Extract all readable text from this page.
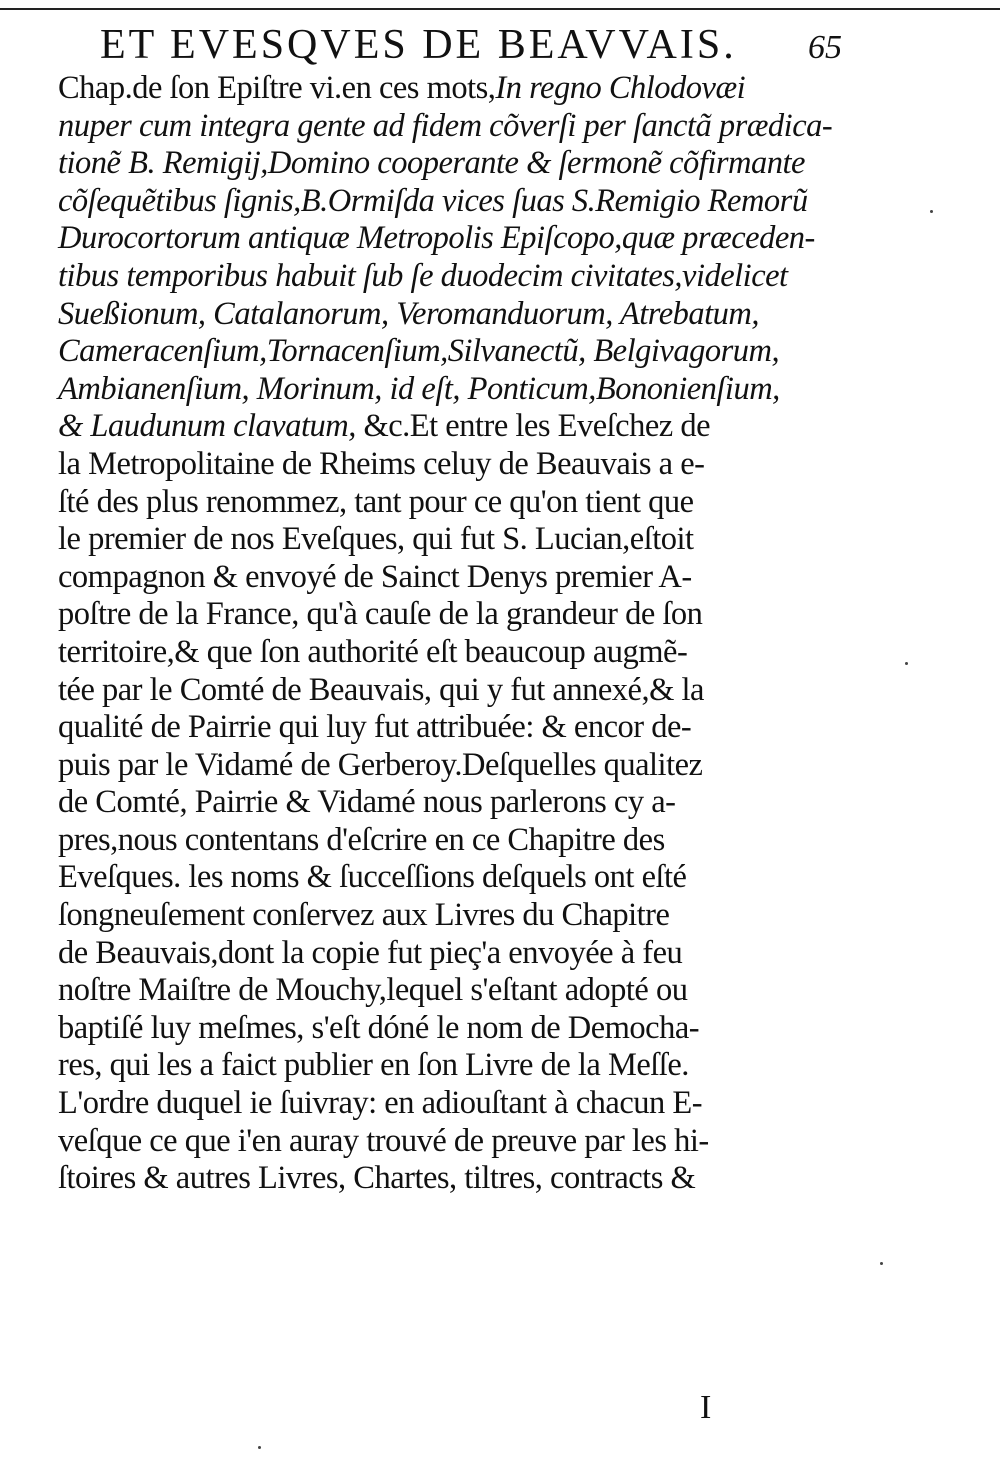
ET EVESQVES DE BEAVVAIS.	65
Chap.de ſon Epiſtre vi.en ces mots,In regno Chlodovæi
nuper cum integra gente ad fidem cõverſi per ſanctã prædica-
tionẽ B. Remigij,Domino cooperante & ſermonẽ cõfirmante
cõſequẽtibus ſignis,B.Ormiſda vices ſuas S.Remigio Remorũ
Durocortorum antiquæ Metropolis Epiſcopo,quæ præceden-
tibus temporibus habuit ſub ſe duodecim civitates,videlicet
Sueßionum, Catalanorum, Veromanduorum, Atrebatum,
Cameracenſium,Tornacenſium,Silvanectũ, Belgivagorum,
Ambianenſium, Morinum, id eſt, Ponticum,Bononienſium,
& Laudunum clavatum, &c.Et entre les Eveſchez de
la Metropolitaine de Rheims celuy de Beauvais a e-
ſté des plus renommez, tant pour ce qu'on tient que
le premier de nos Eveſques, qui fut S. Lucian,eſtoit
compagnon & envoyé de Sainct Denys premier A-
poſtre de la France, qu'à cauſe de la grandeur de ſon
territoire,& que ſon authorité eſt beaucoup augmẽ-
tée par le Comté de Beauvais, qui y fut annexé,& la
qualité de Pairrie qui luy fut attribuée: & encor de-
puis par le Vidamé de Gerberoy.Deſquelles qualitez
de Comté, Pairrie & Vidamé nous parlerons cy a-
pres,nous contentans d'eſcrire en ce Chapitre des
Eveſques. les noms & ſucceſſions deſquels ont eſté
ſongneuſement conſervez aux Livres du Chapitre
de Beauvais,dont la copie fut pieç'a envoyée à feu
noſtre Maiſtre de Mouchy,lequel s'eſtant adopté ou
baptiſé luy meſmes, s'eſt dóné le nom de Democha-
res, qui les a faict publier en ſon Livre de la Meſſe.
L'ordre duquel ie ſuivray: en adiouſtant à chacun E-
veſque ce que i'en auray trouvé de preuve par les hi-
ſtoires & autres Livres, Chartes, tiltres, contracts &
I
